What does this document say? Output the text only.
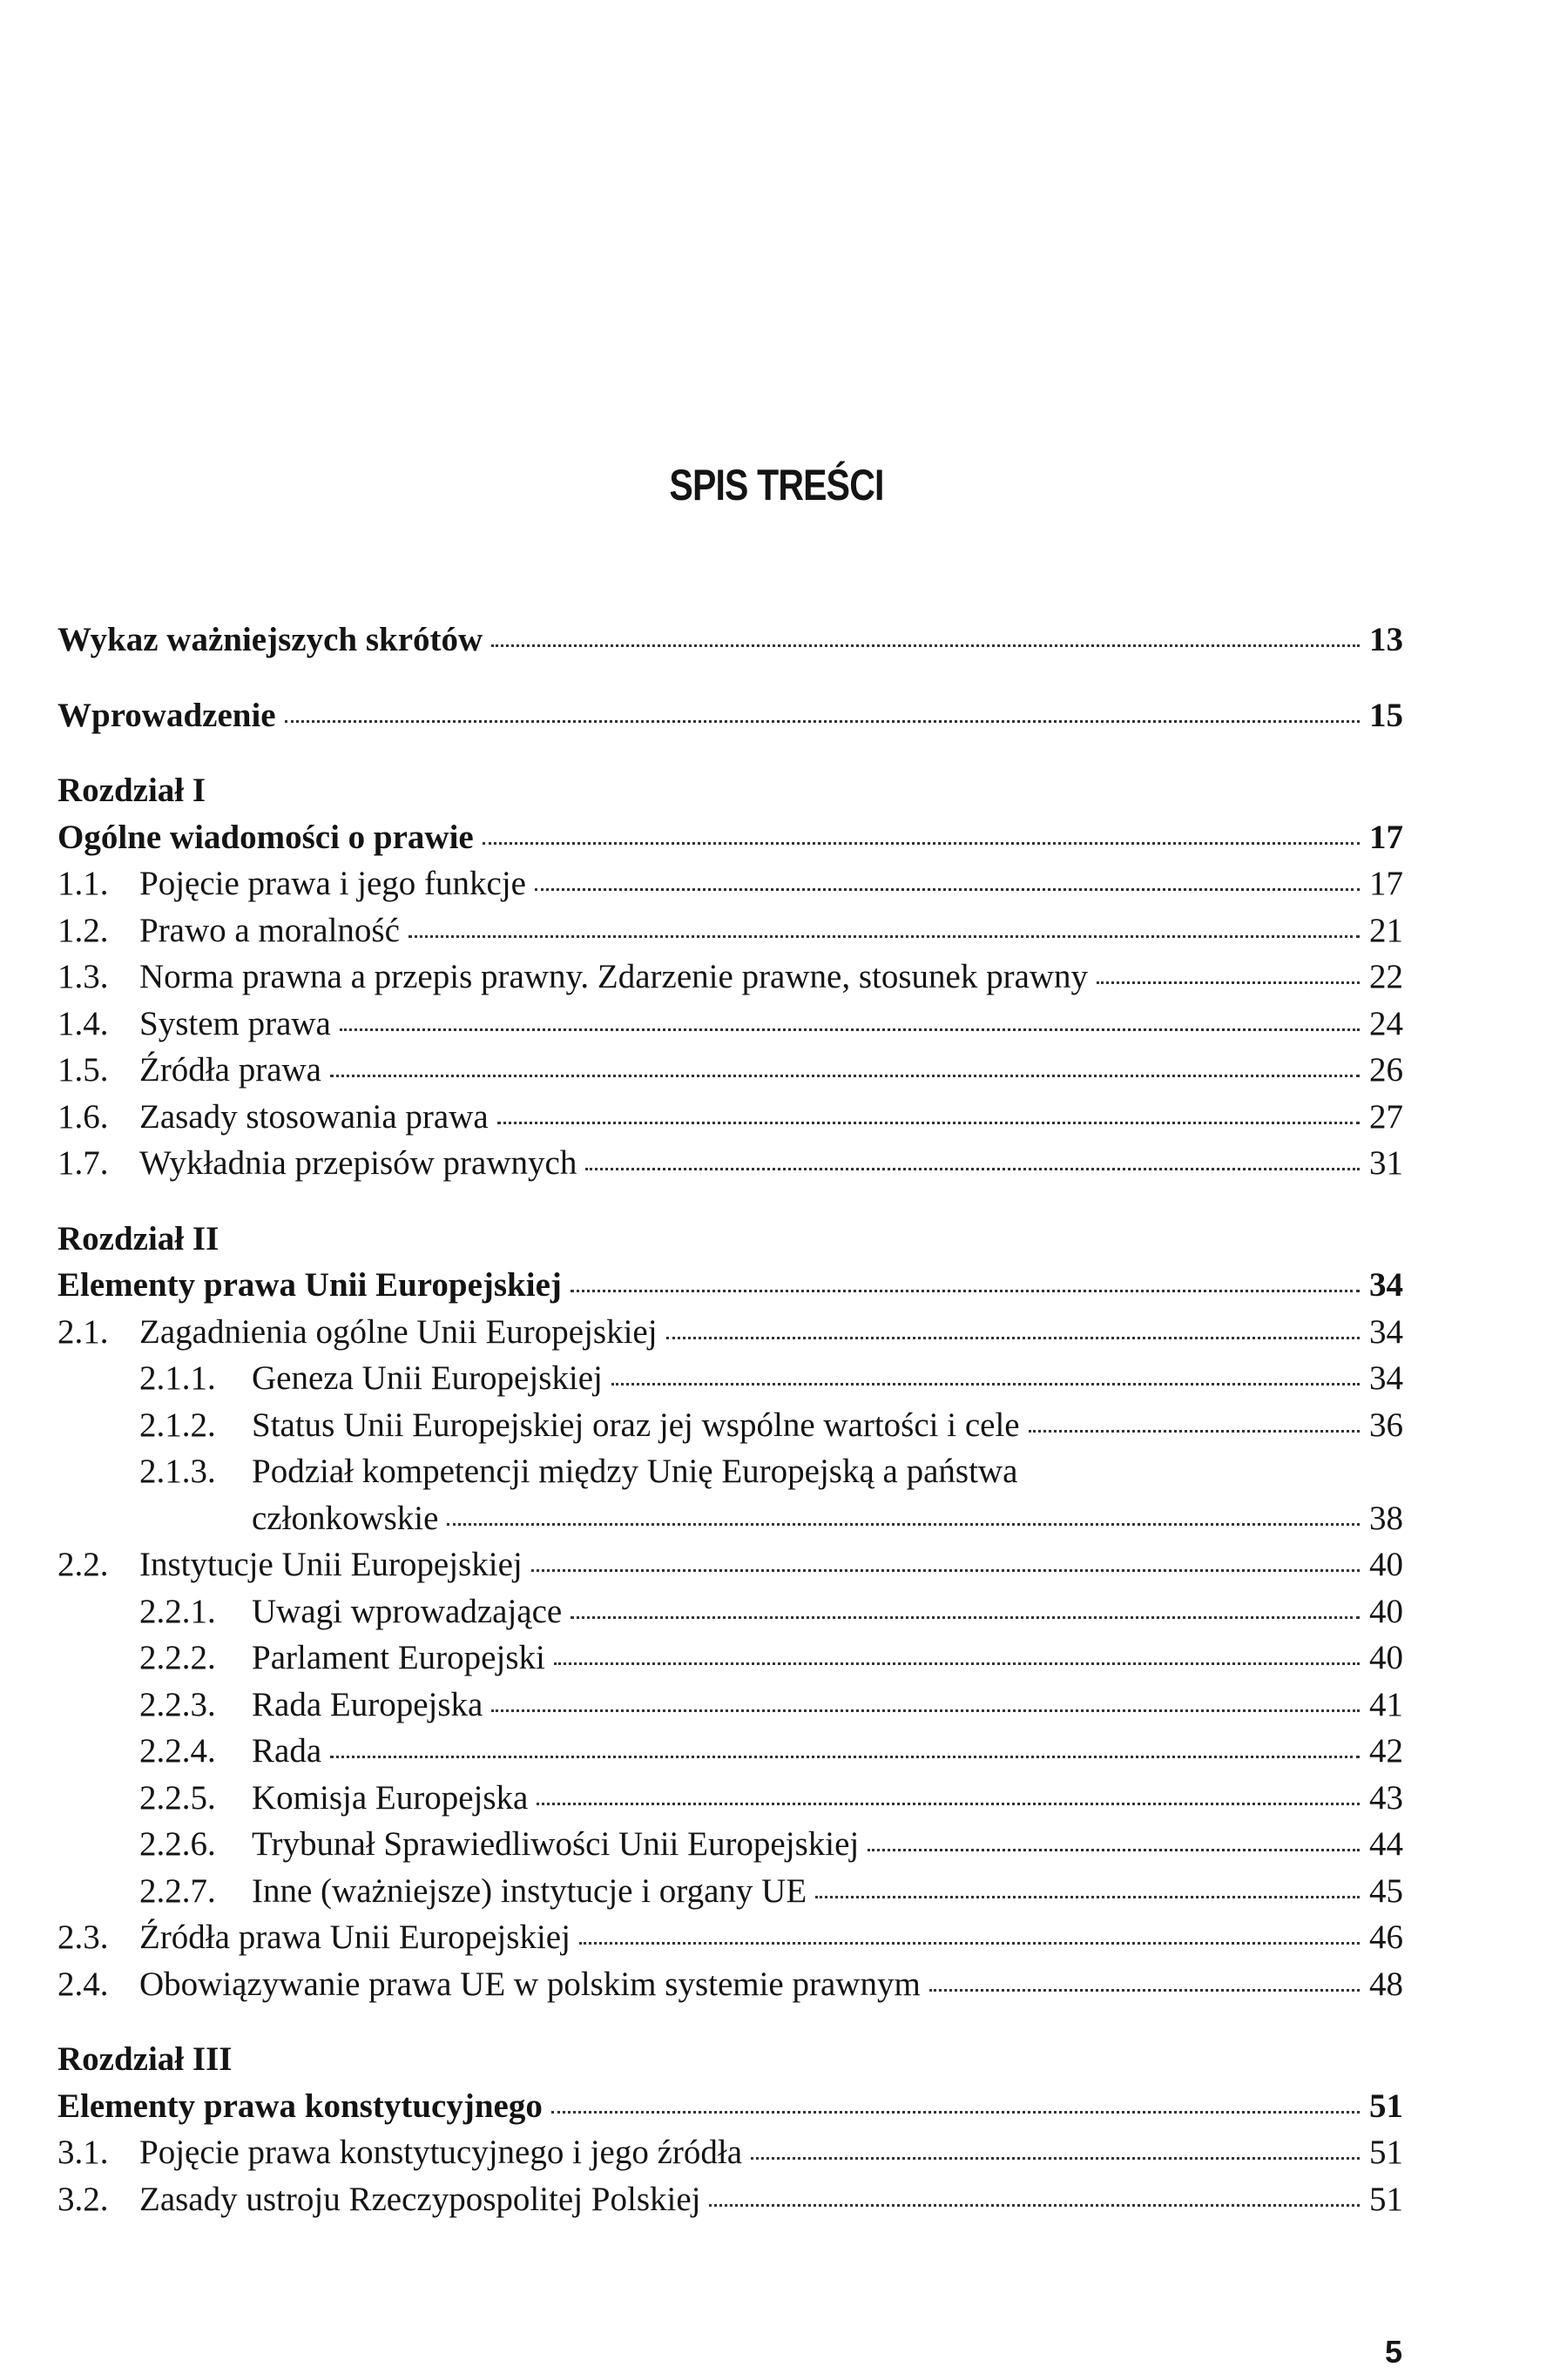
SPIS TREŚCI
Wykaz ważniejszych skrótów	13
Wprowadzenie	15
Rozdział I
Ogólne wiadomości o prawie	17
1.1. Pojęcie prawa i jego funkcje	17
1.2. Prawo a moralność	21
1.3. Norma prawna a przepis prawny. Zdarzenie prawne, stosunek prawny	22
1.4. System prawa	24
1.5. Źródła prawa	26
1.6. Zasady stosowania prawa	27
1.7. Wykładnia przepisów prawnych	31
Rozdział II
Elementy prawa Unii Europejskiej	34
2.1. Zagadnienia ogólne Unii Europejskiej	34
2.1.1.	Geneza Unii Europejskiej	34
2.1.2.	Status Unii Europejskiej oraz jej wspólne wartości i cele	36
2.1.3.	Podział kompetencji między Unię Europejską a państwa
członkowskie	38
2.2. Instytucje Unii Europejskiej	40
2.2.1.	Uwagi wprowadzające	40
2.2.2.	Parlament Europejski	40
2.2.3.	Rada Europejska	41
2.2.4.	Rada	42
2.2.5.	Komisja Europejska	43
2.2.6.	Trybunał Sprawiedliwości Unii Europejskiej	44
2.2.7.	Inne (ważniejsze) instytucje i organy UE	45
2.3. Źródła prawa Unii Europejskiej	46
2.4. Obowiązywanie prawa UE w polskim systemie prawnym	48
Rozdział III
Elementy prawa konstytucyjnego	51
3.1. Pojęcie prawa konstytucyjnego i jego źródła	51
3.2. Zasady ustroju Rzeczypospolitej Polskiej	51
5
